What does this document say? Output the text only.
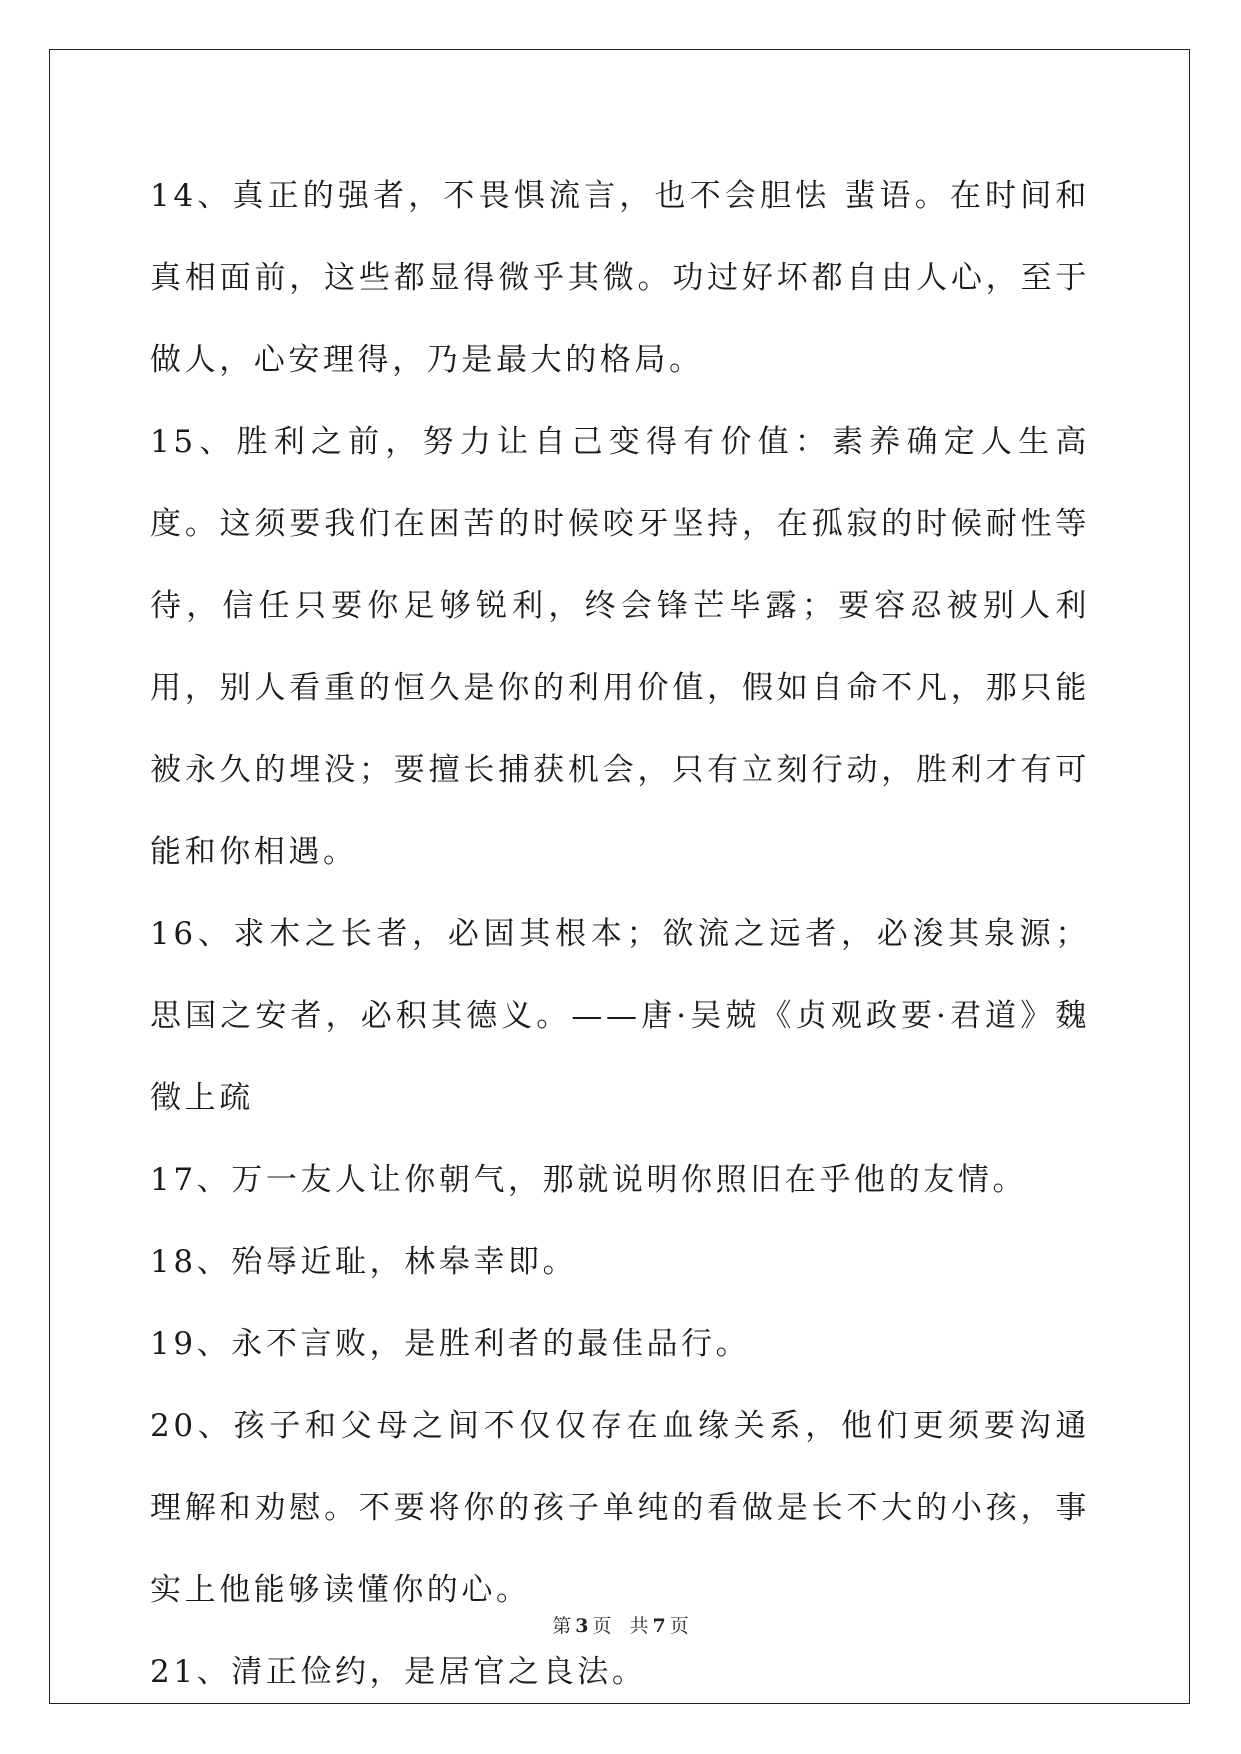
14、真正的强者，不畏惧流言，也不会胆怯 蜚语。在时间和真相面前，这些都显得微乎其微。功过好坏都自由人心，至于做人，心安理得，乃是最大的格局。

15、胜利之前，努力让自己变得有价值：素养确定人生高度。这须要我们在困苦的时候咬牙坚持，在孤寂的时候耐性等待，信任只要你足够锐利，终会锋芒毕露；要容忍被别人利用，别人看重的恒久是你的利用价值，假如自命不凡，那只能被永久的埋没；要擅长捕获机会，只有立刻行动，胜利才有可能和你相遇。

16、求木之长者，必固其根本；欲流之远者，必浚其泉源；思国之安者，必积其德义。——唐·吴兢《贞观政要·君道》魏徵上疏

17、万一友人让你朝气，那就说明你照旧在乎他的友情。

18、殆辱近耻，林皋幸即。

19、永不言败，是胜利者的最佳品行。

20、孩子和父母之间不仅仅存在血缘关系，他们更须要沟通理解和劝慰。不要将你的孩子单纯的看做是长不大的小孩，事实上他能够读懂你的心。

21、清正俭约，是居官之良法。

第 3 页 共 7 页
